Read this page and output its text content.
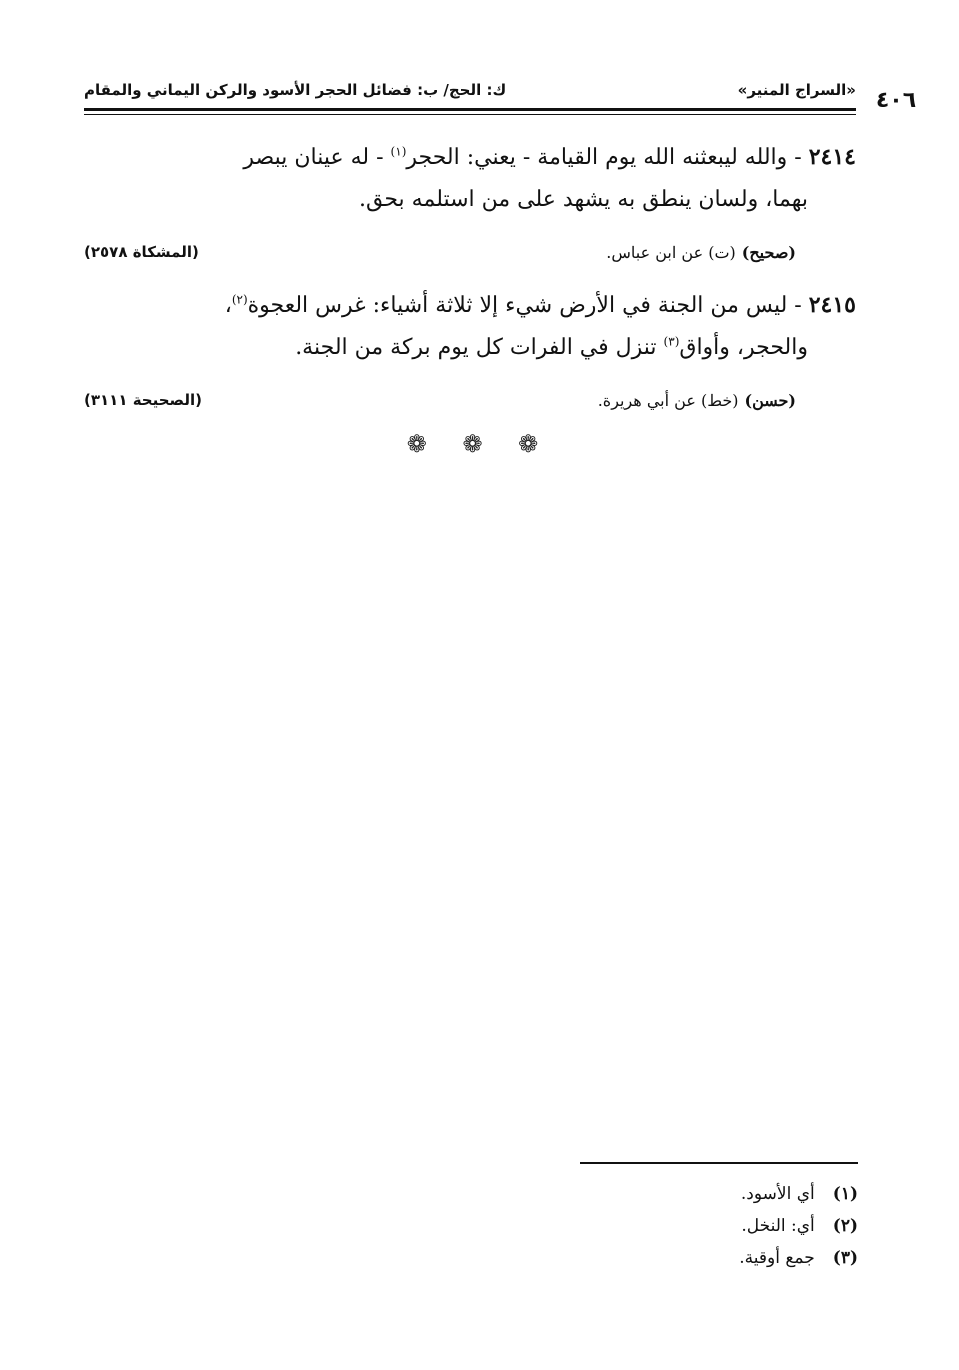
٤٠٦
«السراج المنير»
ك: الحج/ ب: فضائل الحجر الأسود والركن اليماني والمقام
٢٤١٤ - والله ليبعثنه الله يوم القيامة - يعني: الحجر$^{(١)}$ - له عينان يبصر
بهما، ولسان ينطق به يشهد على من استلمه بحق.
(صحيح)
(ت) عن ابن عباس.
(المشكاة ٢٥٧٨)
٢٤١٥ - ليس من الجنة في الأرض شيء إلا ثلاثة أشياء: غرس العجوة$^{(٢)}$،
والحجر، وأواق$^{(٣)}$ تنزل في الفرات كل يوم بركة من الجنة.
(حسن)
(خط) عن أبي هريرة.
(الصحيحة ٣١١١)
❁ ❁ ❁
(١)
أي الأسود.
(٢)
أي: النخل.
(٣)
جمع أوقية.
